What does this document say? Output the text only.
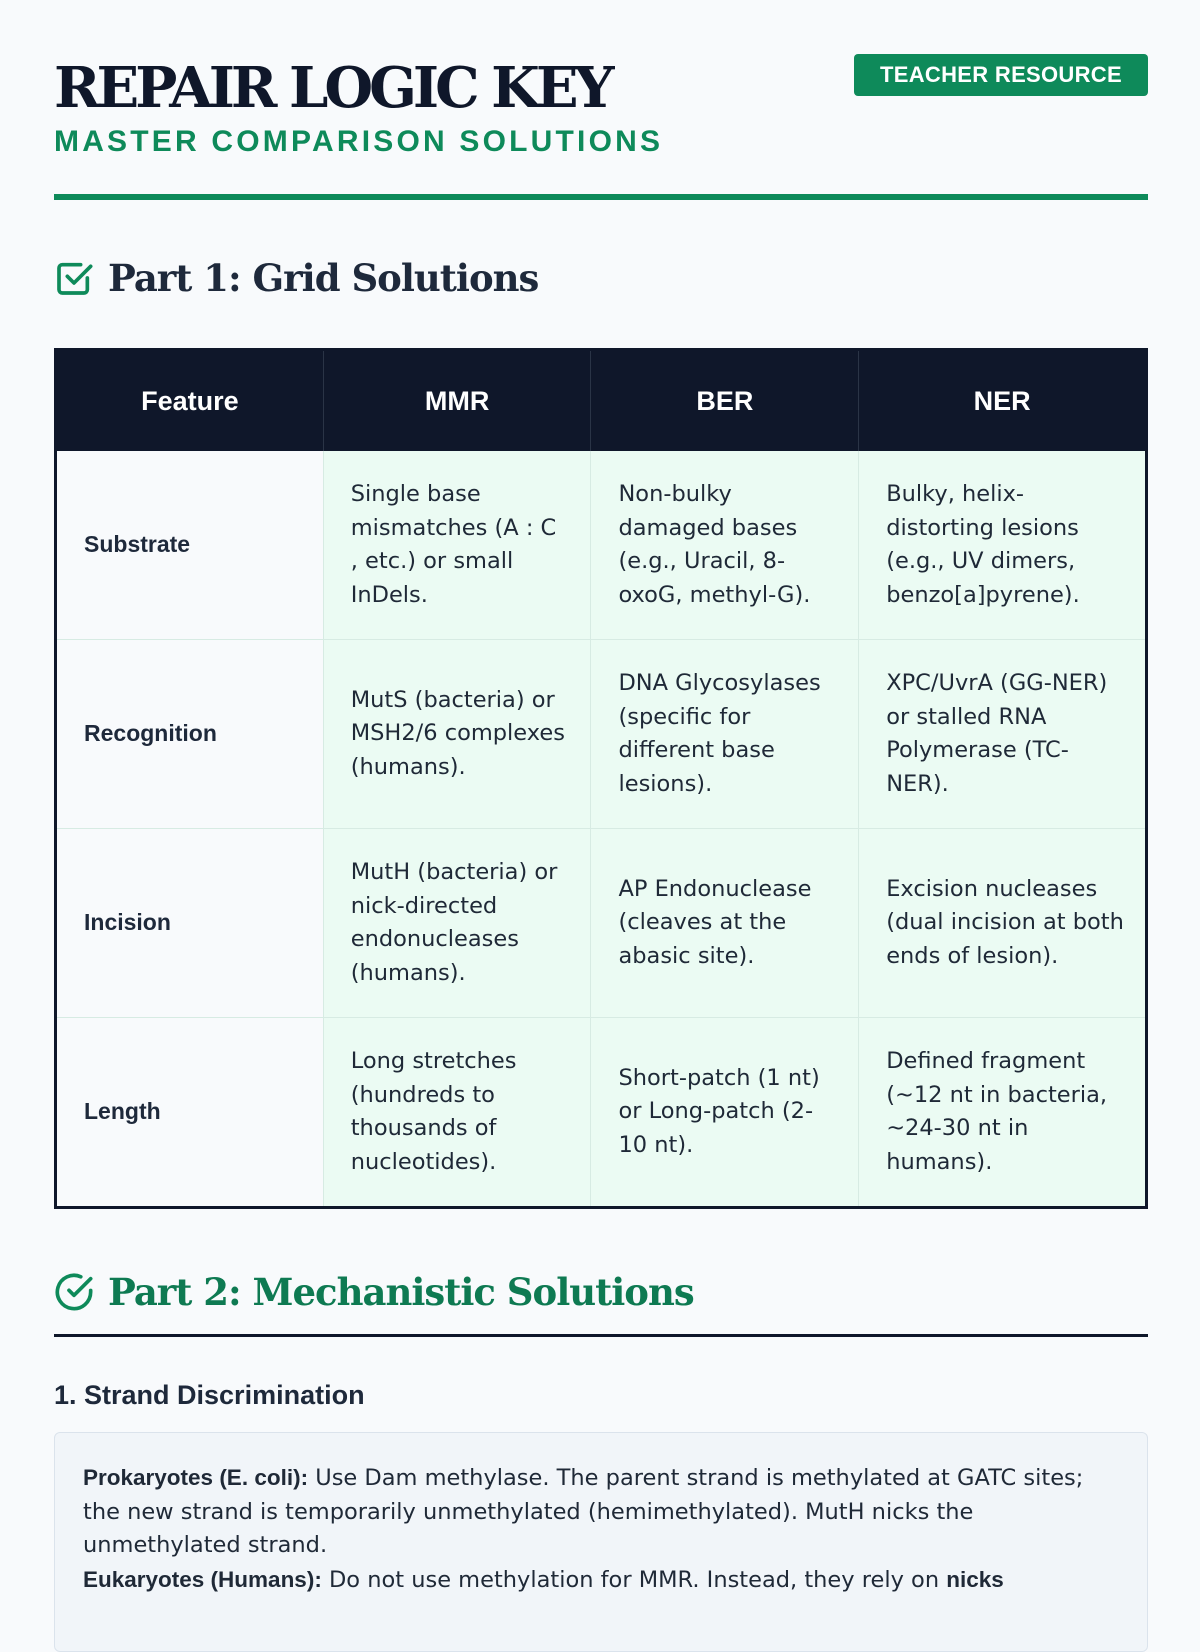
TEACHER RESOURCE
REPAIR LOGIC KEY
MASTER COMPARISON SOLUTIONS
Part 1: Grid Solutions
Feature	MMR	BER	NER
Substrate	Single base mismatches (A : C , etc.) or small InDels.	Non-bulky damaged bases (e.g., Uracil, 8-oxoG, methyl-G).	Bulky, helix-distorting lesions (e.g., UV dimers, benzo[a]pyrene).
Recognition	MutS (bacteria) or MSH2/6 complexes (humans).	DNA Glycosylases (specific for different base lesions).	XPC/UvrA (GG-NER) or stalled RNA Polymerase (TC-NER).
Incision	MutH (bacteria) or nick-directed endonucleases (humans).	AP Endonuclease (cleaves at the abasic site).	Excision nucleases (dual incision at both ends of lesion).
Length	Long stretches (hundreds to thousands of nucleotides).	Short-patch (1 nt) or Long-patch (2-10 nt).	Defined fragment (~12 nt in bacteria, ~24-30 nt in humans).
Part 2: Mechanistic Solutions
1. Strand Discrimination

Prokaryotes (E. coli): Use Dam methylase. The parent strand is methylated at GATC sites; the new strand is temporarily unmethylated (hemimethylated). MutH nicks the unmethylated strand.

Eukaryotes (Humans): Do not use methylation for MMR. Instead, they rely on nicks
